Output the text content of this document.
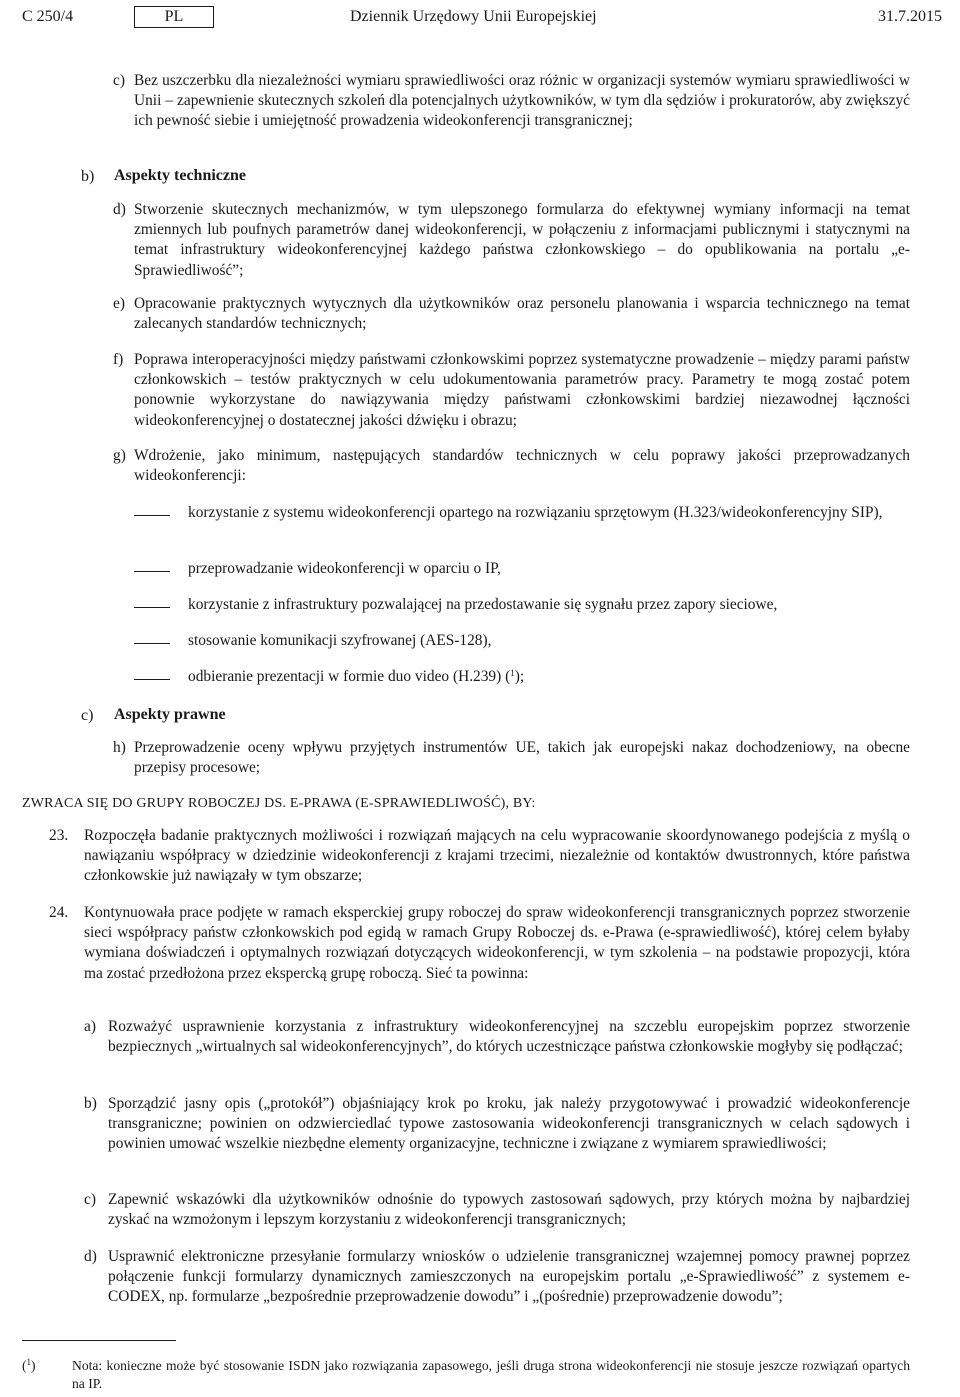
C 250/4	PL	Dziennik Urzędowy Unii Europejskiej	31.7.2015
c) Bez uszczerbku dla niezależności wymiaru sprawiedliwości oraz różnic w organizacji systemów wymiaru sprawiedliwości w Unii – zapewnienie skutecznych szkoleń dla potencjalnych użytkowników, w tym dla sędziów i prokuratorów, aby zwiększyć ich pewność siebie i umiejętność prowadzenia wideokonferencji transgranicznej;
b) Aspekty techniczne
d) Stworzenie skutecznych mechanizmów, w tym ulepszonego formularza do efektywnej wymiany informacji na temat zmiennych lub poufnych parametrów danej wideokonferencji, w połączeniu z informacjami publicznymi i statycznymi na temat infrastruktury wideokonferencyjnej każdego państwa członkowskiego – do opublikowania na portalu „e-Sprawiedliwość”;
e) Opracowanie praktycznych wytycznych dla użytkowników oraz personelu planowania i wsparcia technicznego na temat zalecanych standardów technicznych;
f) Poprawa interoperacyjności między państwami członkowskimi poprzez systematyczne prowadzenie – między parami państw członkowskich – testów praktycznych w celu udokumentowania parametrów pracy. Parametry te mogą zostać potem ponownie wykorzystane do nawiązywania między państwami członkowskimi bardziej niezawodnej łączności wideokonferencyjnej o dostatecznej jakości dźwięku i obrazu;
g) Wdrożenie, jako minimum, następujących standardów technicznych w celu poprawy jakości przeprowadzanych wideokonferencji:
korzystanie z systemu wideokonferencji opartego na rozwiązaniu sprzętowym (H.323/wideokonferencyjny SIP),
przeprowadzanie wideokonferencji w oparciu o IP,
korzystanie z infrastruktury pozwalającej na przedostawanie się sygnału przez zapory sieciowe,
stosowanie komunikacji szyfrowanej (AES-128),
odbieranie prezentacji w formie duo video (H.239) ($^1$);
c) Aspekty prawne
h) Przeprowadzenie oceny wpływu przyjętych instrumentów UE, takich jak europejski nakaz dochodzeniowy, na obecne przepisy procesowe;
ZWRACA SIĘ DO GRUPY ROBOCZEJ DS. E-PRAWA (E-SPRAWIEDLIWOŚĆ), BY:
23. Rozpoczęła badanie praktycznych możliwości i rozwiązań mających na celu wypracowanie skoordynowanego podejścia z myślą o nawiązaniu współpracy w dziedzinie wideokonferencji z krajami trzecimi, niezależnie od kontaktów dwustronnych, które państwa członkowskie już nawiązały w tym obszarze;
24. Kontynuowała prace podjęte w ramach eksperckiej grupy roboczej do spraw wideokonferencji transgranicznych poprzez stworzenie sieci współpracy państw członkowskich pod egidą w ramach Grupy Roboczej ds. e-Prawa (e-sprawiedliwość), której celem byłaby wymiana doświadczeń i optymalnych rozwiązań dotyczących wideokonferencji, w tym szkolenia – na podstawie propozycji, która ma zostać przedłożona przez ekspercką grupę roboczą. Sieć ta powinna:
a) Rozważyć usprawnienie korzystania z infrastruktury wideokonferencyjnej na szczeblu europejskim poprzez stworzenie bezpiecznych „wirtualnych sal wideokonferencyjnych”, do których uczestniczące państwa członkowskie mogłyby się podłączać;
b) Sporządzić jasny opis („protokół”) objaśniający krok po kroku, jak należy przygotowywać i prowadzić wideokonferencje transgraniczne; powinien on odzwierciedlać typowe zastosowania wideokonferencji transgranicznych w celach sądowych i powinien umować wszelkie niezbędne elementy organizacyjne, techniczne i związane z wymiarem sprawiedliwości;
c) Zapewnić wskazówki dla użytkowników odnośnie do typowych zastosowań sądowych, przy których można by najbardziej zyskać na wzmożonym i lepszym korzystaniu z wideokonferencji transgranicznych;
d) Usprawnić elektroniczne przesyłanie formularzy wniosków o udzielenie transgranicznej wzajemnej pomocy prawnej poprzez połączenie funkcji formularzy dynamicznych zamieszczonych na europejskim portalu „e-Sprawiedliwość” z systemem e-CODEX, np. formularze „bezpośrednie przeprowadzenie dowodu” i „(pośrednie) przeprowadzenie dowodu”;
($^1$)	Nota: konieczne może być stosowanie ISDN jako rozwiązania zapasowego, jeśli druga strona wideokonferencji nie stosuje jeszcze rozwiązań opartych na IP.
